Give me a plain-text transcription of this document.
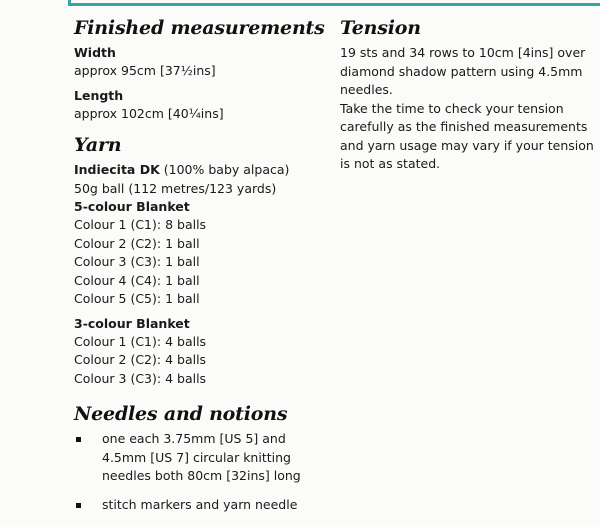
Finished measurements

Width

approx 95cm [37½ins]

Length

approx 102cm [40¼ins]

Yarn

Indiecita DK (100% baby alpaca)

50g ball (112 metres/123 yards)

5-colour Blanket

Colour 1 (C1): 8 balls

Colour 2 (C2): 1 ball

Colour 3 (C3): 1 ball

Colour 4 (C4): 1 ball

Colour 5 (C5): 1 ball

3-colour Blanket

Colour 1 (C1): 4 balls

Colour 2 (C2): 4 balls

Colour 3 (C3): 4 balls

Needles and notions
one each 3.75mm [US 5] and
4.5mm [US 7] circular knitting
needles both 80cm [32ins] long
stitch markers and yarn needle
Tension

19 sts and 34 rows to 10cm [4ins] over
diamond shadow pattern using 4.5mm
needles.

Take the time to check your tension
carefully as the finished measurements
and yarn usage may vary if your tension
is not as stated.
